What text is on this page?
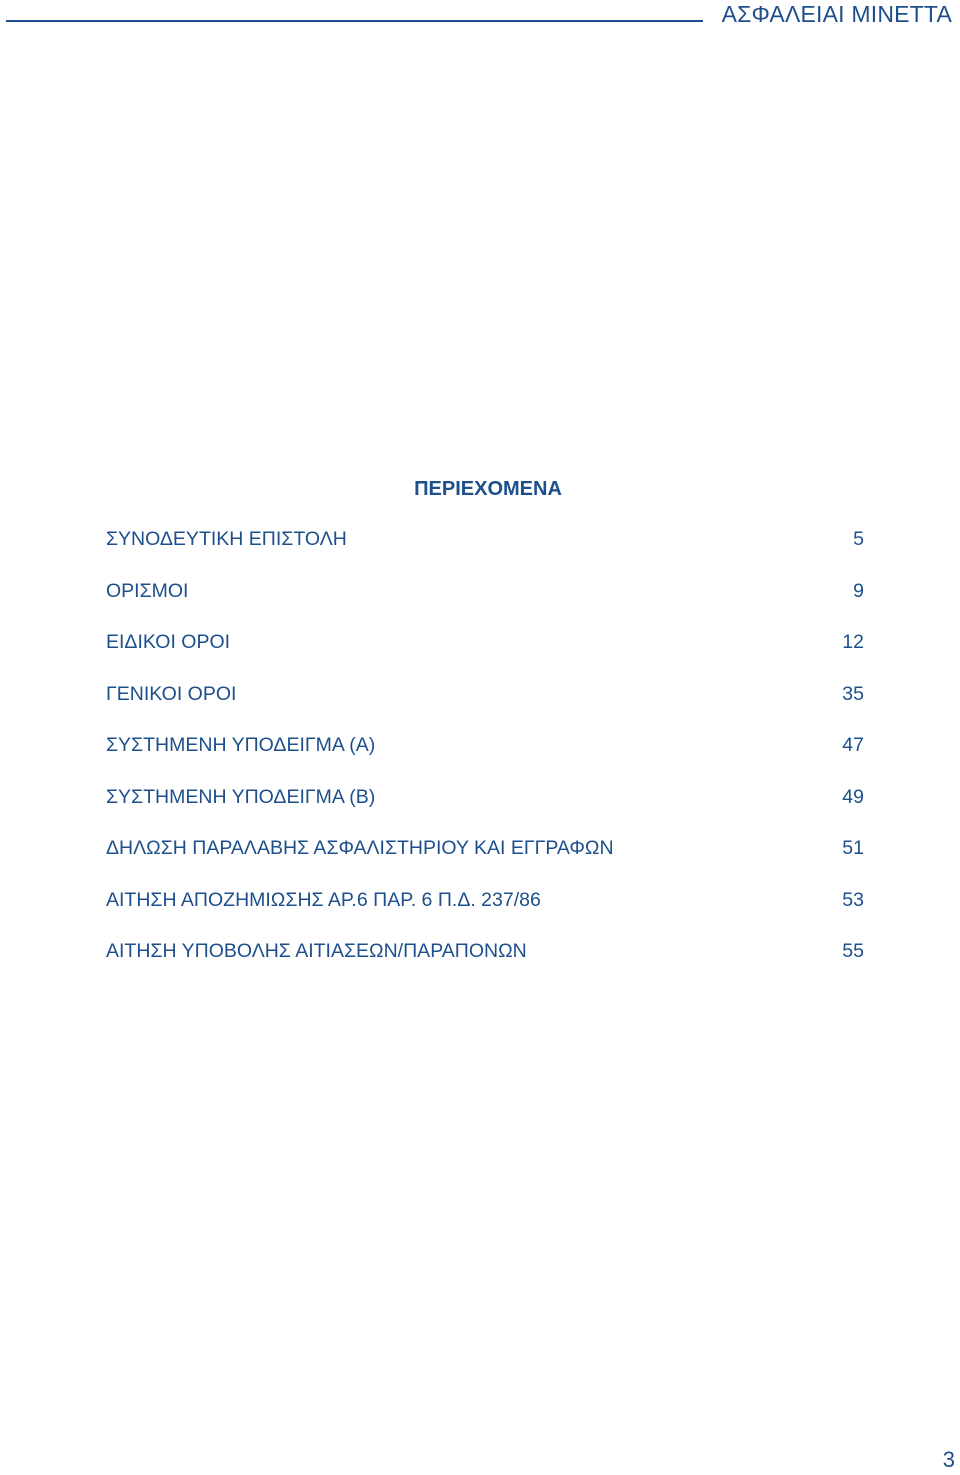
ΑΣΦΑΛΕΙΑΙ ΜΙΝΕΤΤΑ
ΠΕΡΙΕΧΟΜΕΝΑ
ΣΥΝΟΔΕΥΤΙΚΗ ΕΠΙΣΤΟΛΗ	5
ΟΡΙΣΜΟΙ	9
ΕΙΔΙΚΟΙ ΟΡΟΙ	12
ΓΕΝΙΚΟΙ ΟΡΟΙ	35
ΣΥΣΤΗΜΕΝΗ ΥΠΟΔΕΙΓΜΑ (Α)	47
ΣΥΣΤΗΜΕΝΗ ΥΠΟΔΕΙΓΜΑ (Β)	49
ΔΗΛΩΣΗ ΠΑΡΑΛΑΒΗΣ ΑΣΦΑΛΙΣΤΗΡΙΟΥ ΚΑΙ ΕΓΓΡΑΦΩΝ	51
ΑΙΤΗΣΗ ΑΠΟΖΗΜΙΩΣΗΣ ΑΡ.6 ΠΑΡ. 6 Π.Δ. 237/86	53
ΑΙΤΗΣΗ ΥΠΟΒΟΛΗΣ ΑΙΤΙΑΣΕΩΝ/ΠΑΡΑΠΟΝΩΝ	55
3
